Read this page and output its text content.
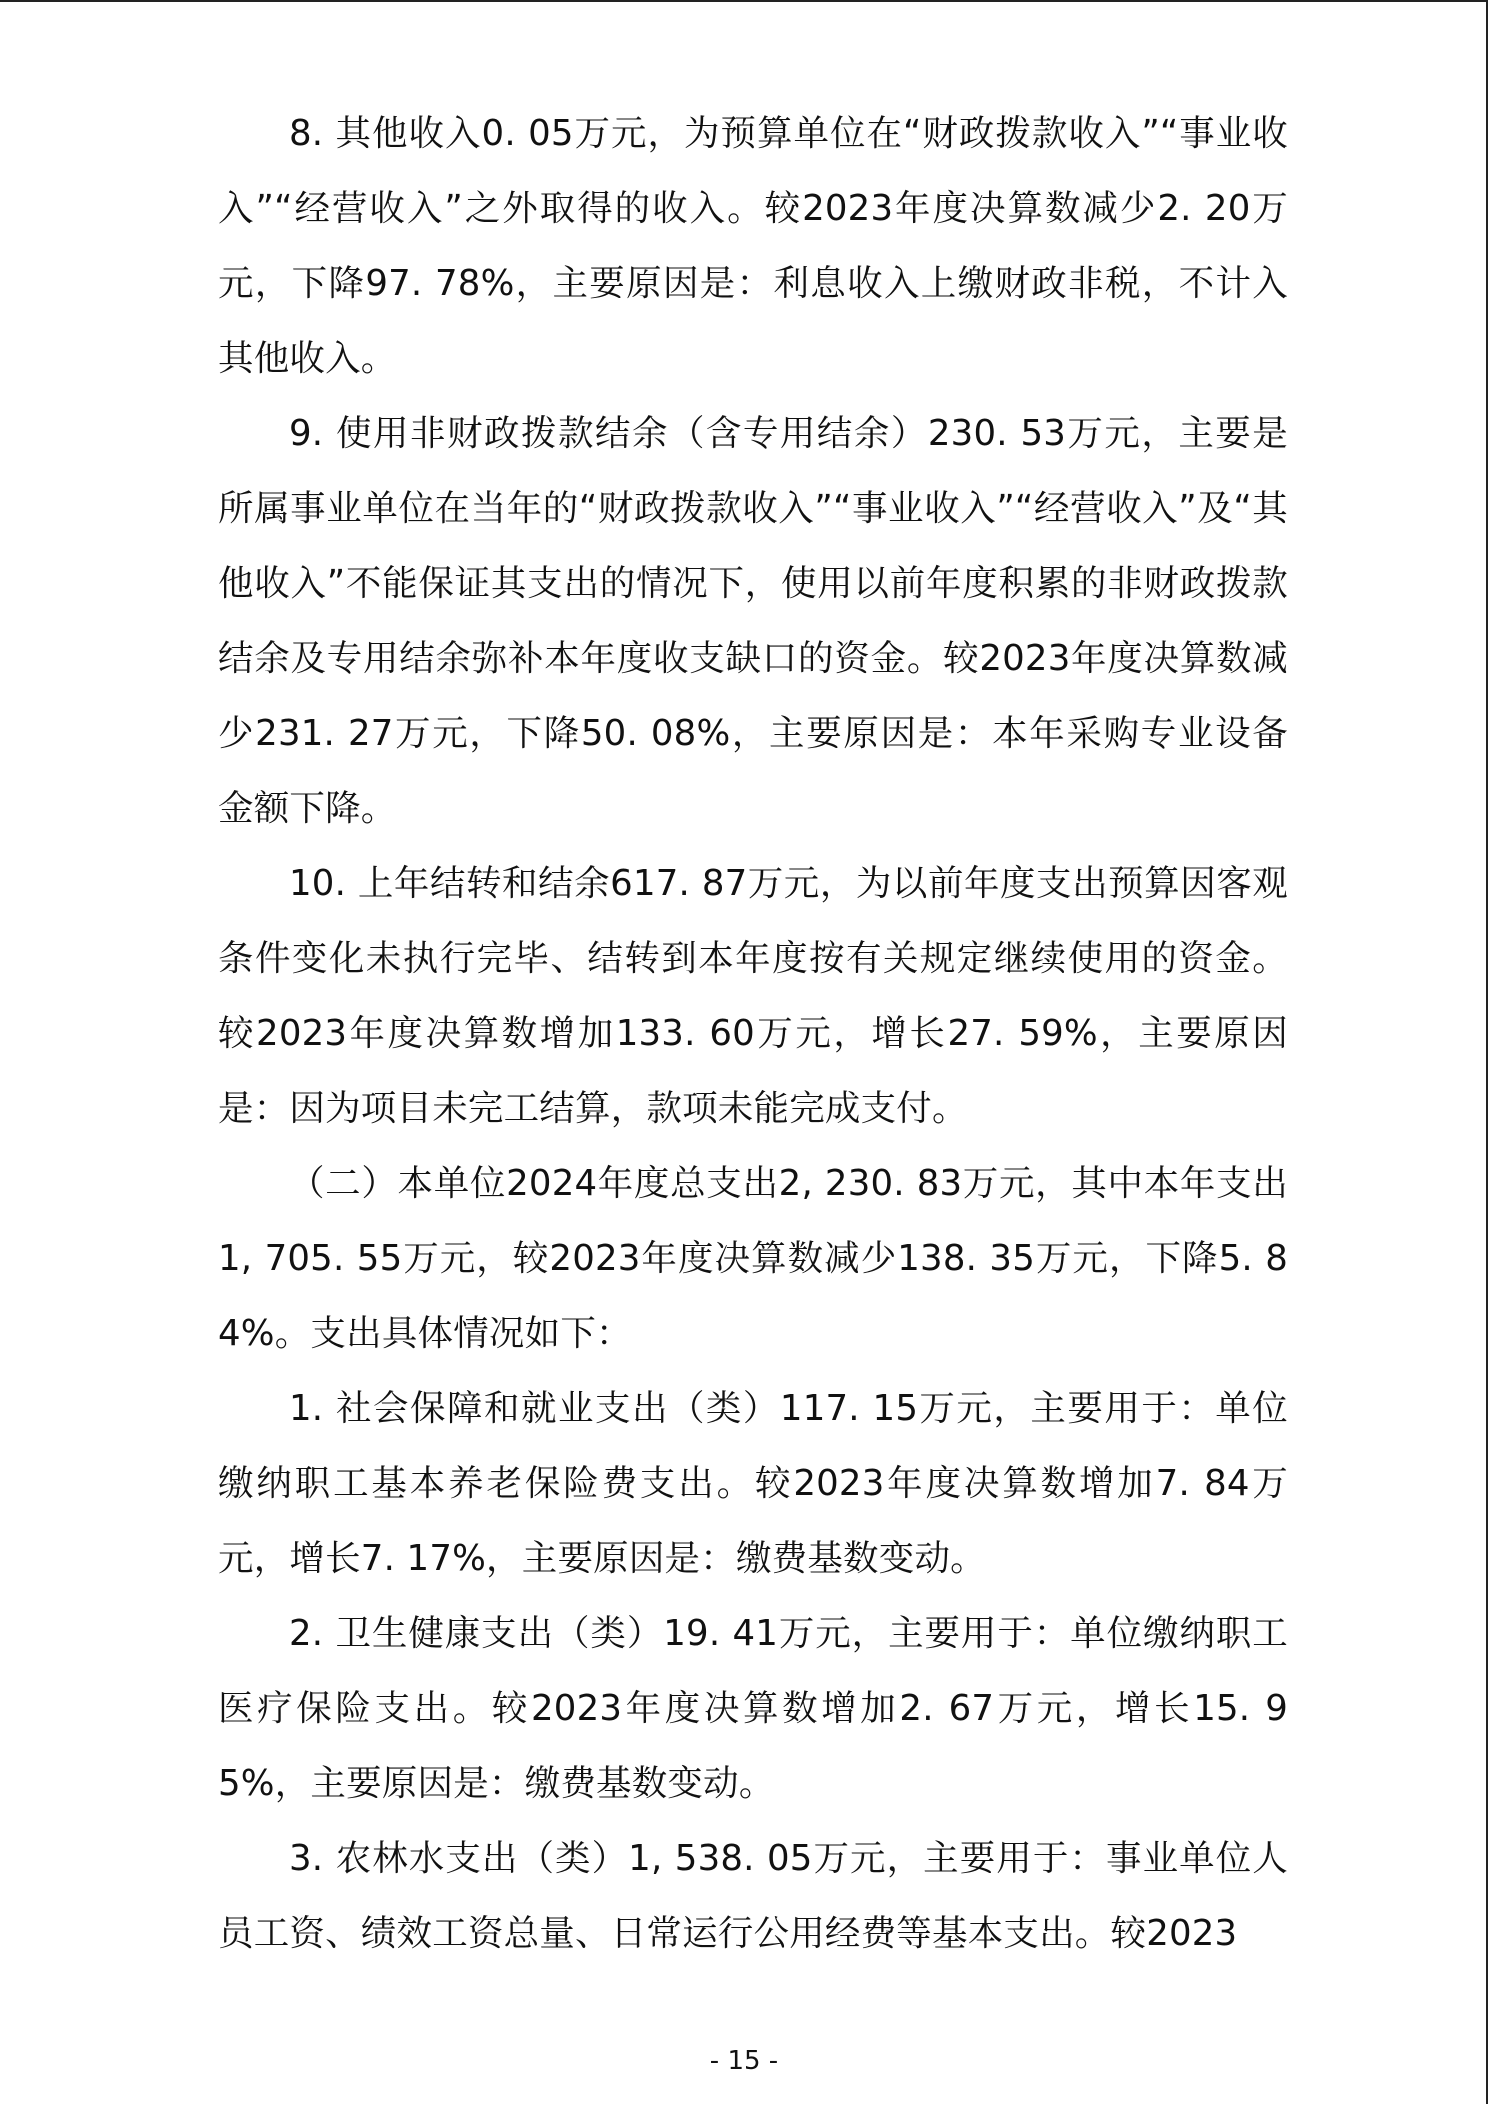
8. 其他收入0. 05万元，为预算单位在“财政拨款收入”“事业收入”“经营收入”之外取得的收入。较2023年度决算数减少2. 20万元，下降97. 78%，主要原因是：利息收入上缴财政非税，不计入其他收入。

9. 使用非财政拨款结余（含专用结余）230. 53万元，主要是所属事业单位在当年的“财政拨款收入”“事业收入”“经营收入”及“其他收入”不能保证其支出的情况下，使用以前年度积累的非财政拨款结余及专用结余弥补本年度收支缺口的资金。较2023年度决算数减少231. 27万元，下降50. 08%，主要原因是：本年采购专业设备金额下降。

10. 上年结转和结余617. 87万元，为以前年度支出预算因客观条件变化未执行完毕、结转到本年度按有关规定继续使用的资金。较2023年度决算数增加133. 60万元，增长27. 59%，主要原因是：因为项目未完工结算，款项未能完成支付。

（二）本单位2024年度总支出2, 230. 83万元，其中本年支出1, 705. 55万元，较2023年度决算数减少138. 35万元，下降5. 84%。支出具体情况如下：

1. 社会保障和就业支出（类）117. 15万元，主要用于：单位缴纳职工基本养老保险费支出。较2023年度决算数增加7. 84万元，增长7. 17%，主要原因是：缴费基数变动。

2. 卫生健康支出（类）19. 41万元，主要用于：单位缴纳职工医疗保险支出。较2023年度决算数增加2. 67万元，增长15. 95%，主要原因是：缴费基数变动。

3. 农林水支出（类）1, 538. 05万元，主要用于：事业单位人员工资、绩效工资总量、日常运行公用经费等基本支出。较2023

- 15 -
